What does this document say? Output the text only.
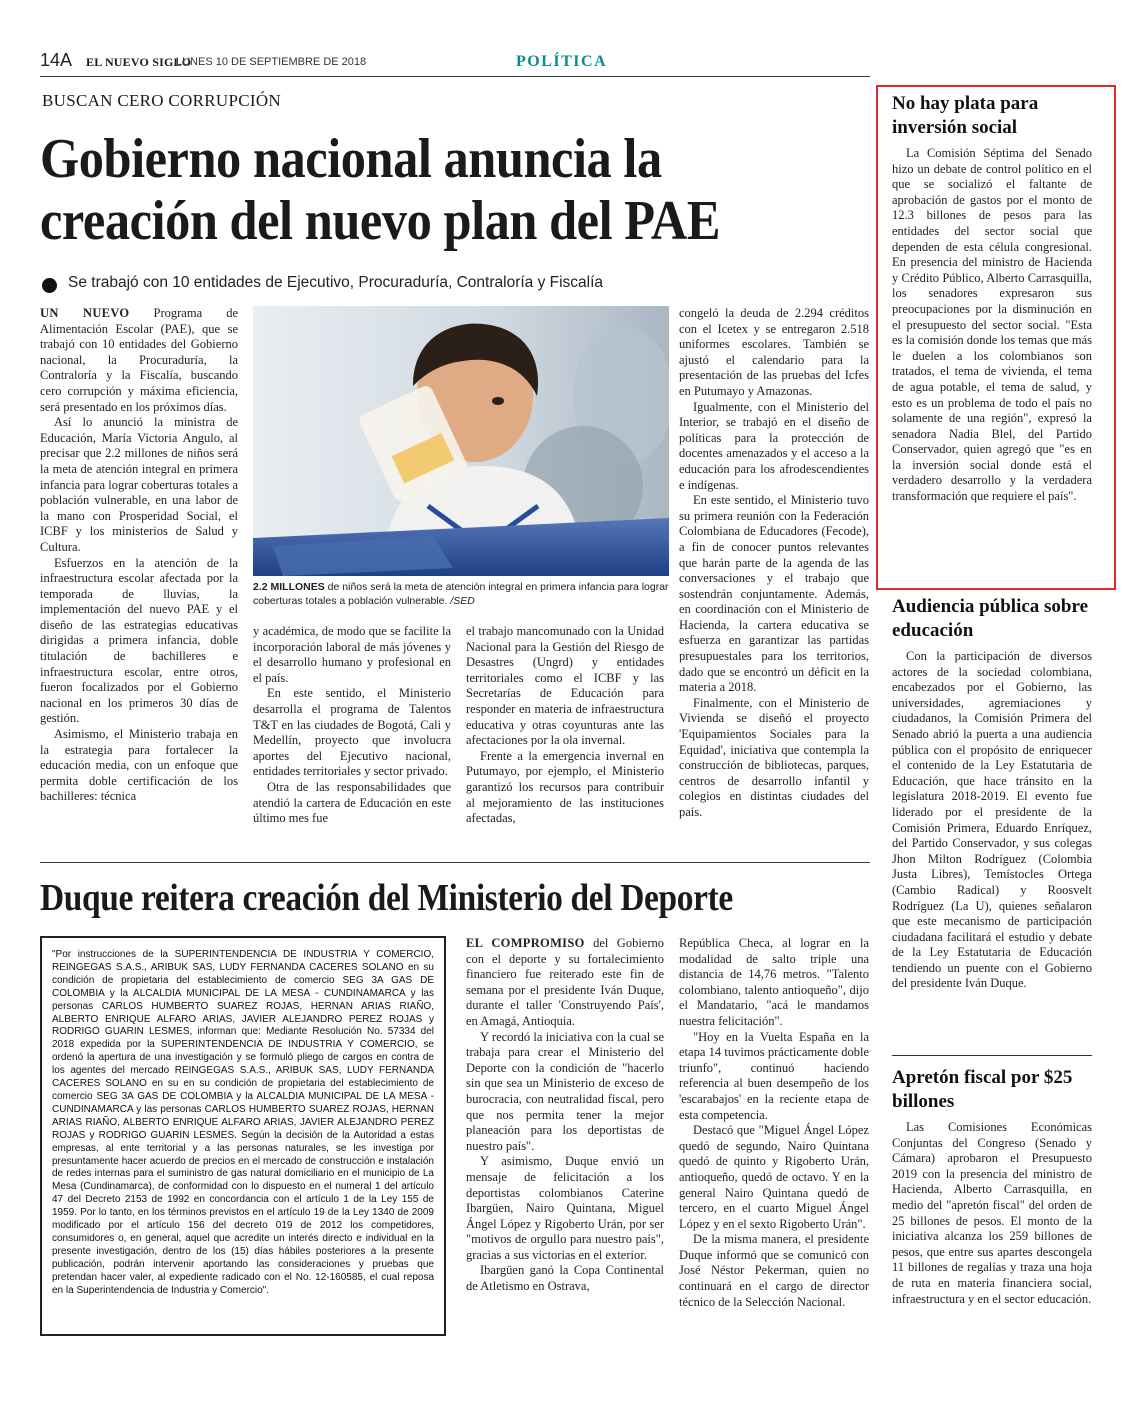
14A EL NUEVO SIGLO
LUNES 10 DE SEPTIEMBRE DE 2018	POLÍTICA
BUSCAN CERO CORRUPCIÓN
Gobierno nacional anuncia la creación del nuevo plan del PAE
Se trabajó con 10 entidades de Ejecutivo, Procuraduría, Contraloría y Fiscalía

UN NUEVO Programa de Alimentación Escolar (PAE), que se trabajó con 10 entidades del Gobierno nacional, la Procuraduría, la Contraloría y la Fiscalía, buscando cero corrupción y máxima eficiencia, será presentado en los próximos días.

Así lo anunció la ministra de Educación, María Victoria Angulo, al precisar que 2.2 millones de niños será la meta de atención integral en primera infancia para lograr coberturas totales a población vulnerable, en una labor de la mano con Prosperidad Social, el ICBF y los ministerios de Salud y Cultura.

Esfuerzos en la atención de la infraestructura escolar afectada por la temporada de lluvias, la implementación del nuevo PAE y el diseño de las estrategias educativas dirigidas a primera infancia, doble titulación de bachilleres e infraestructura escolar, entre otros, fueron focalizados por el Gobierno nacional en los primeros 30 días de gestión.

Asimismo, el Ministerio trabaja en la estrategia para fortalecer la educación media, con un enfoque que permita doble certificación de los bachilleres: técnica

2.2 MILLONES de niños será la meta de atención integral en primera infancia para lograr coberturas totales a población vulnerable. /SED

y académica, de modo que se facilite la incorporación laboral de más jóvenes y el desarrollo humano y profesional en el país.

En este sentido, el Ministerio desarrolla el programa de Talentos T&T en las ciudades de Bogotá, Cali y Medellín, proyecto que involucra aportes del Ejecutivo nacional, entidades territoriales y sector privado.

Otra de las responsabilidades que atendió la cartera de Educación en este último mes fue

el trabajo mancomunado con la Unidad Nacional para la Gestión del Riesgo de Desastres (Ungrd) y entidades territoriales como el ICBF y las Secretarías de Educación para responder en materia de infraestructura educativa y otras coyunturas ante las afectaciones por la ola invernal.

Frente a la emergencia invernal en Putumayo, por ejemplo, el Ministerio garantizó los recursos para contribuir al mejoramiento de las instituciones afectadas,

congeló la deuda de 2.294 créditos con el Icetex y se entregaron 2.518 uniformes escolares. También se ajustó el calendario para la presentación de las pruebas del Icfes en Putumayo y Amazonas.

Igualmente, con el Ministerio del Interior, se trabajó en el diseño de políticas para la protección de docentes amenazados y el acceso a la educación para los afrodescendientes e indígenas.

En este sentido, el Ministerio tuvo su primera reunión con la Federación Colombiana de Educadores (Fecode), a fin de conocer puntos relevantes que harán parte de la agenda de las conversaciones y el trabajo que sostendrán conjuntamente. Además, en coordinación con el Ministerio de Hacienda, la cartera educativa se esfuerza en garantizar las partidas presupuestales para los territorios, dado que se encontró un déficit en la materia a 2018.

Finalmente, con el Ministerio de Vivienda se diseñó el proyecto 'Equipamientos Sociales para la Equidad', iniciativa que contempla la construcción de bibliotecas, parques, centros de desarrollo infantil y colegios en distintas ciudades del país.

Duque reitera creación del Ministerio del Deporte
"Por instrucciones de la SUPERINTENDENCIA DE INDUSTRIA Y COMERCIO, REINGEGAS S.A.S., ARIBUK SAS, LUDY FERNANDA CACERES SOLANO en su condición de propietaria del establecimiento de comercio SEG 3A GAS DE COLOMBIA y la ALCALDIA MUNICIPAL DE LA MESA - CUNDINAMARCA y las personas CARLOS HUMBERTO SUAREZ ROJAS, HERNAN ARIAS RIAÑO, ALBERTO ENRIQUE ALFARO ARIAS, JAVIER ALEJANDRO PEREZ ROJAS y RODRIGO GUARIN LESMES, informan que: Mediante Resolución No. 57334 del 2018 expedida por la SUPERINTENDENCIA DE INDUSTRIA Y COMERCIO, se ordenó la apertura de una investigación y se formuló pliego de cargos en contra de los agentes del mercado REINGEGAS S.A.S., ARIBUK SAS, LUDY FERNANDA CACERES SOLANO en su en su condición de propietaria del establecimiento de comercio SEG 3A GAS DE COLOMBIA y la ALCALDIA MUNICIPAL DE LA MESA - CUNDINAMARCA y las personas CARLOS HUMBERTO SUAREZ ROJAS, HERNAN ARIAS RIAÑO, ALBERTO ENRIQUE ALFARO ARIAS, JAVIER ALEJANDRO PEREZ ROJAS y RODRIGO GUARIN LESMES. Según la decisión de la Autoridad a estas empresas, al ente territorial y a las personas naturales, se les investiga por presuntamente hacer acuerdo de precios en el mercado de construcción e instalación de redes internas para el suministro de gas natural domiciliario en el municipio de La Mesa (Cundinamarca), de conformidad con lo dispuesto en el numeral 1 del artículo 47 del Decreto 2153 de 1992 en concordancia con el artículo 1 de la Ley 155 de 1959. Por lo tanto, en los términos previstos en el artículo 19 de la Ley 1340 de 2009 modificado por el artículo 156 del decreto 019 de 2012 los competidores, consumidores o, en general, aquel que acredite un interés directo e individual en la presente investigación, dentro de los (15) días hábiles posteriores a la presente publicación, podrán intervenir aportando las consideraciones y pruebas que pretendan hacer valer, al expediente radicado con el No. 12-160585, el cual reposa en la Superintendencia de Industria y Comercio".

EL COMPROMISO del Gobierno con el deporte y su fortalecimiento financiero fue reiterado este fin de semana por el presidente Iván Duque, durante el taller 'Construyendo País', en Amagá, Antioquia.

Y recordó la iniciativa con la cual se trabaja para crear el Ministerio del Deporte con la condición de "hacerlo sin que sea un Ministerio de exceso de burocracia, con neutralidad fiscal, pero que nos permita tener la mejor planeación para los deportistas de nuestro país".

Y asimismo, Duque envió un mensaje de felicitación a los deportistas colombianos Caterine Ibargüen, Nairo Quintana, Miguel Ángel López y Rigoberto Urán, por ser "motivos de orgullo para nuestro país", gracias a sus victorias en el exterior.

Ibargüen ganó la Copa Continental de Atletismo en Ostrava,

República Checa, al lograr en la modalidad de salto triple una distancia de 14,76 metros. "Talento colombiano, talento antioqueño", dijo el Mandatario, "acá le mandamos nuestra felicitación".

"Hoy en la Vuelta España en la etapa 14 tuvimos prácticamente doble triunfo", continuó haciendo referencia al buen desempeño de los 'escarabajos' en la reciente etapa de esta competencia.

Destacó que "Miguel Ángel López quedó de segundo, Nairo Quintana quedó de quinto y Rigoberto Urán, antioqueño, quedó de octavo. Y en la general Nairo Quintana quedó de tercero, en el cuarto Miguel Ángel López y en el sexto Rigoberto Urán".

De la misma manera, el presidente Duque informó que se comunicó con José Néstor Pekerman, quien no continuará en el cargo de director técnico de la Selección Nacional.

No hay plata para inversión social

La Comisión Séptima del Senado hizo un debate de control político en el que se socializó el faltante de aprobación de gastos por el monto de 12.3 billones de pesos para las entidades del sector social que dependen de esta célula congresional. En presencia del ministro de Hacienda y Crédito Público, Alberto Carrasquilla, los senadores expresaron sus preocupaciones por la disminución en el presupuesto del sector social. "Esta es la comisión donde los temas que más le duelen a los colombianos son tratados, el tema de vivienda, el tema de agua potable, el tema de salud, y esto es un problema de todo el país no solamente de una región", expresó la senadora Nadia Blel, del Partido Conservador, quien agregó que "es en la inversión social donde está el verdadero desarrollo y la verdadera transformación que requiere el país".

Audiencia pública sobre educación

Con la participación de diversos actores de la sociedad colombiana, encabezados por el Gobierno, las universidades, agremiaciones y ciudadanos, la Comisión Primera del Senado abrió la puerta a una audiencia pública con el propósito de enriquecer el contenido de la Ley Estatutaria de Educación, que hace tránsito en la legislatura 2018-2019. El evento fue liderado por el presidente de la Comisión Primera, Eduardo Enríquez, del Partido Conservador, y sus colegas Jhon Milton Rodríguez (Colombia Justa Libres), Temístocles Ortega (Cambio Radical) y Roosvelt Rodríguez (La U), quienes señalaron que este mecanismo de participación ciudadana facilitará el estudio y debate de la Ley Estatutaria de Educación tendiendo un puente con el Gobierno del presidente Iván Duque.

Apretón fiscal por $25 billones

Las Comisiones Económicas Conjuntas del Congreso (Senado y Cámara) aprobaron el Presupuesto 2019 con la presencia del ministro de Hacienda, Alberto Carrasquilla, en medio del "apretón fiscal" del orden de 25 billones de pesos. El monto de la iniciativa alcanza los 259 billones de pesos, que entre sus apartes descongela 11 billones de regalías y traza una hoja de ruta en materia financiera social, infraestructura y en el sector educación.
